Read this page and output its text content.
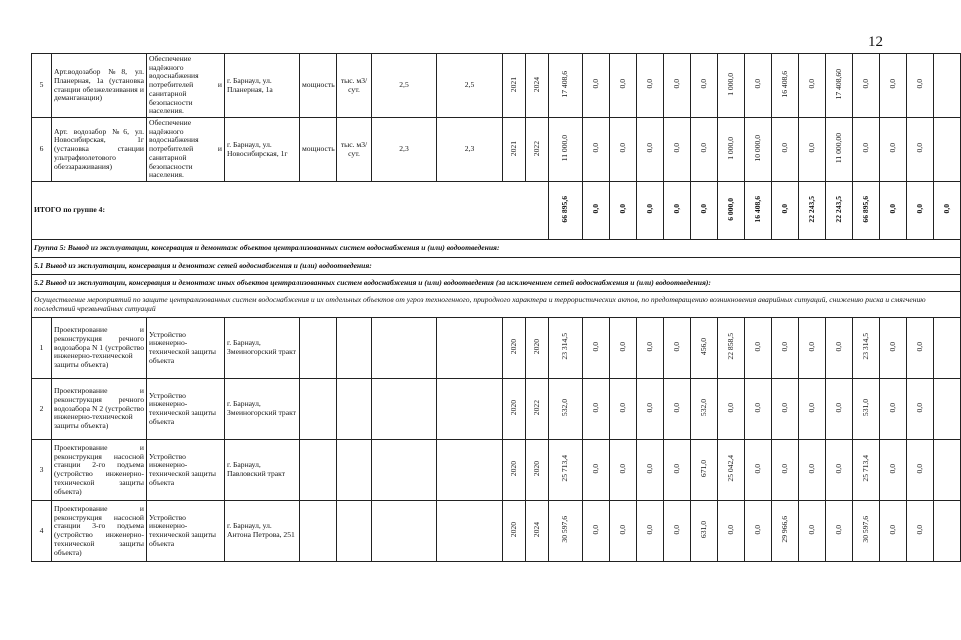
12
5	Арт.водозабор №8, ул. Планерная, 1а (установка станции обезжелезивания и деманганации)	Обеспечение надёжного водоснабжения потребителей и санитарной безопасности населения.	г. Барнаул, ул. Планерная, 1а	мощность	тыс. м3/сут.	2,5	2,5	2021	2024	17 408,6	0,0	0,0	0,0	0,0	0,0	1 000,0	0,0	16 408,6	0,0	17 408,60	0,0	0,0	0,0	
6	Арт. водозабор №6, ул. Новосибирская, 1г (установка станции ультрафиолетового обеззараживания)	Обеспечение надёжного водоснабжения потребителей и санитарной безопасности населения.	г. Барнаул, ул. Новосибирская, 1г	мощность	тыс. м3/сут.	2,3	2,3	2021	2022	11 000,0	0,0	0,0	0,0	0,0	0,0	1 000,0	10 000,0	0,0	0,0	11 000,00	0,0	0,0	0,0	
ИТОГО по группе 4:										66 895,6	0,0	0,0	0,0	0,0	0,0	6 000,0	16 408,6	0,0	22 243,5	22 243,5	66 895,6	0,0	0,0	0,0
Группа 5: Вывод из эксплуатации, консервация и демонтаж объектов централизованных систем водоснабжения и (или) водоотведения:																								
5.1 Вывод из эксплуатации, консервация и демонтаж сетей водоснабжения и (или) водоотведения:																								
5.2 Вывод из эксплуатации, консервация и демонтаж иных объектов централизованных систем водоснабжения и (или) водоотведения (за исключением сетей водоснабжения и (или) водоотведения):																								
Осуществление мероприятий по защите централизованных систем водоснабжения и их отдельных объектов от угроз техногенного, природного характера и террористических актов, по предотвращению возникновения аварийных ситуаций, снижению риска и смягчению последствий чрезвычайных ситуаций																								
1	Проектирование и реконструкция речного водозабора N 1 (устройство инженерно-технической защиты объекта)	Устройство инженерно-технической защиты объекта	г. Барнаул, Змеиногорский тракт					2020	2020	23 314,5	0,0	0,0	0,0	0,0	456,0	22 858,5	0,0	0,0	0,0	0,0	23 314,5	0,0	0,0	
2	Проектирование и реконструкция речного водозабора N 2 (устройство инженерно-технической защиты объекта)	Устройство инженерно-технической защиты объекта	г. Барнаул, Змеиногорский тракт					2020	2022	532,0	0,0	0,0	0,0	0,0	532,0	0,0	0,0	0,0	0,0	0,0	531,0	0,0	0,0	
3	Проектирование и реконструкция насосной станции 2-го подъема (устройство инженерно-технической защиты объекта)	Устройство инженерно-технической защиты объекта	г. Барнаул, Павловский тракт					2020	2020	25 713,4	0,0	0,0	0,0	0,0	671,0	25 042,4	0,0	0,0	0,0	0,0	25 713,4	0,0	0,0	
4	Проектирование и реконструкция насосной станции 3-го подъема (устройство инженерно-технической защиты объекта)	Устройство инженерно-технической защиты объекта	г. Барнаул, ул. Антона Петрова, 251					2020	2024	30 597,6	0,0	0,0	0,0	0,0	631,0	0,0	0,0	29 966,6	0,0	0,0	30 597,6	0,0	0,0	
